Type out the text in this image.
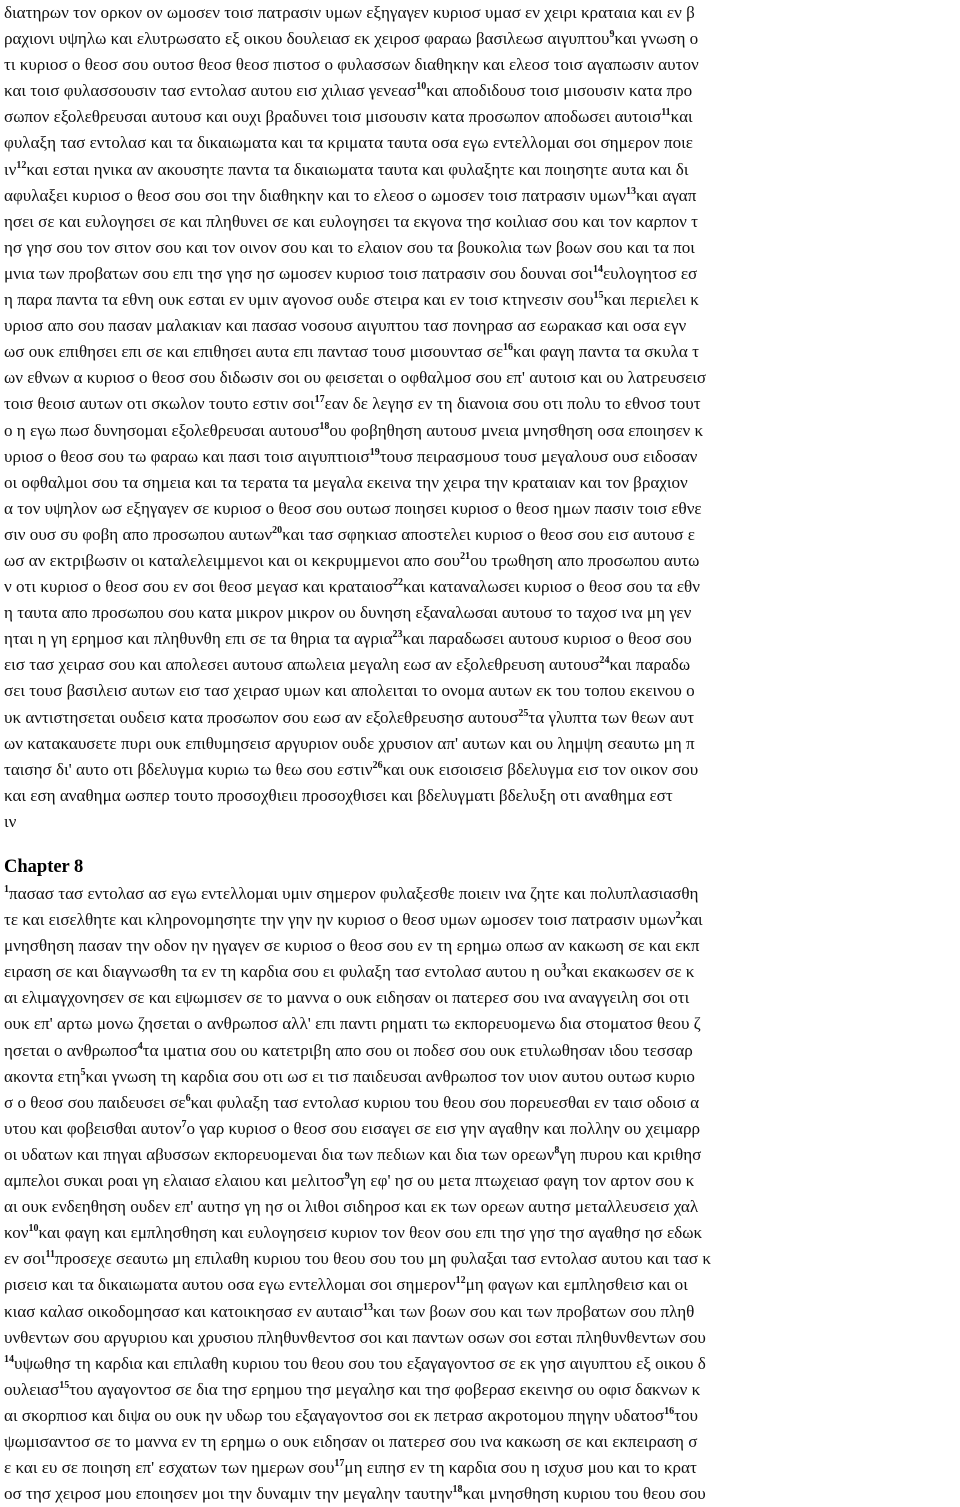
διατηρων τον ορκον ον ωμοσεν τοισ πατρασιν υμων εξηγαγεν κυριοσ υμασ εν χειρι κραταια και εν β
ραχιονι υψηλω και ελυτρωσατο εξ οικου δουλειασ εκ χειροσ φαραω βασιλεωσ αιγυπτου$^9$και γνωση ο
τι κυριοσ ο θεοσ σου ουτοσ θεοσ θεοσ πιστοσ ο φυλασσων διαθηκην και ελεοσ τοισ αγαπωσιν αυτον
και τοισ φυλασσουσιν τασ εντολασ αυτου εισ χιλιασ γενεασ$^{10}$και αποδιδουσ τοισ μισουσιν κατα προ
σωπον εξολεθρευσαι αυτουσ και ουχι βραδυνει τοισ μισουσιν κατα προσωπον αποδωσει αυτοισ$^{11}$και
φυλαξη τασ εντολασ και τα δικαιωματα και τα κριματα ταυτα οσα εγω εντελλομαι σοι σημερον ποιε
$\iota\nu^{12}\kappa\alpha\iota$ εσται ηνικα αν ακουσητε παντα τα δικαιωματα ταυτα και φυλαξητε και ποιησητε αυτα και δι
αφυλαξει κυριοσ ο θεοσ σου σοι την διαθηκην και το ελεοσ ο ωμοσεν τοισ πατρασιν υμων$^{13}$και αγαπ
ησει σε και ευλογησει σε και πληθυνει σε και ευλογησει τα εκγονα τησ κοιλιασ σου και τον καρπον τ
ησ γησ σου τον σιτον σου και τον οινον σου και το ελαιον σου τα βουκολια των βοων σου και τα ποι
μνια των προβατων σου επι τησ γησ ησ ωμοσεν κυριοσ τοισ πατρασιν σου δουναι σοι$^{14}$ευλογητοσ εσ
η παρα παντα τα εθνη ουκ εσται εν υμιν αγονοσ ουδε στειρα και εν τοισ κτηνεσιν σου$^{15}$και περιελει κ
υριοσ απο σου πασαν μαλακιαν και πασασ νοσουσ αιγυπτου τασ πονηρασ ασ εωρακασ και οσα εγν
ωσ ουκ επιθησει επι σε και επιθησει αυτα επι παντασ τουσ μισουντασ $\sigma\varepsilon^{16}\kappa\alpha\iota$ φαγη παντα τα σκυλα τ
ων εθνων α κυριοσ ο θεοσ σου διδωσιν σοι ου φεισεται ο οφθαλμοσ σου επ' αυτοισ και ου λατρευσεισ
τοισ θεοισ αυτων οτι σκωλον τουτο εστιν σοι$^{17}$εαν δε λεγησ εν τη διανοια σου οτι πολυ το εθνοσ τουτ
ο η εγω πωσ δυνησομαι εξολεθρευσαι αυτουσ$^{18}$ου φοβηθηση αυτουσ μνεια μνησθηση οσα εποιησεν κ
υριοσ ο θεοσ σου τω φαραω και πασι τοισ αιγυπτιοισ$^{19}$τουσ πειρασμουσ τουσ μεγαλουσ ουσ ειδοσαν
οι οφθαλμοι σου τα σημεια και τα τερατα τα μεγαλα εκεινα την χειρα την κραταιαν και τον βραχιον
α τον υψηλον ωσ εξηγαγεν σε κυριοσ ο θεοσ σου ουτωσ ποιησει κυριοσ ο θεοσ ημων πασιν τοισ εθνε
σιν ουσ συ φοβη απο προσωπου αυτων$^{20}$και τασ σφηκιασ αποστελει κυριοσ ο θεοσ σου εισ αυτουσ ε
ωσ αν εκτριβωσιν οι καταλελειμμενοι και οι κεκρυμμενοι απο σου$^{21}$ου τρωθηση απο προσωπου αυτω
ν οτι κυριοσ ο θεοσ σου εν σοι θεοσ μεγασ και κραταιοσ$^{22}$και καταναλωσει κυριοσ ο θεοσ σου τα εθν
η ταυτα απο προσωπου σου κατα μικρον μικρον ου δυνηση εξαναλωσαι αυτουσ το ταχοσ ινα μη γεν
ηται η γη ερημοσ και πληθυνθη επι σε τα θηρια τα αγρια$^{23}$και παραδωσει αυτουσ κυριοσ ο θεοσ σου
εισ τασ χειρασ σου και απολεσει αυτουσ απωλεια μεγαλη εωσ αν εξολεθρευση αυτουσ$^{24}$και παραδω
σει τουσ βασιλεισ αυτων εισ τασ χειρασ υμων και απολειται το ονομα αυτων εκ του τοπου εκεινου ο
υκ αντιστησεται ουδεισ κατα προσωπον σου εωσ αν εξολεθρευσησ αυτουσ$^{25}$τα γλυπτα των θεων αυτ
ων κατακαυσετε πυρι ουκ επιθυμησεισ αργυριον ουδε χρυσιον απ' αυτων και ου λημψη σεαυτω μη π
ταισησ δι' αυτο οτι βδελυγμα κυριω τω θεω σου εστιν$^{26}$και ουκ εισοισεισ βδελυγμα εισ τον οικον σου
και εση αναθημα ωσπερ τουτο προσοχθιειι προσοχθισει και βδελυγματι βδελυξη οτι αναθημα εστ
ιν
Chapter 8
$^1$πασασ τασ εντολασ ασ εγω εντελλομαι υμιν σημερον φυλαξεσθε ποιειν ινα ζητε και πολυπλασιασθη
τε και εισελθητε και κληρονομησητε την γην ην κυριοσ ο θεοσ υμων ωμοσεν τοισ πατρασιν υμων$^2$και
μνησθηση πασαν την οδον ην ηγαγεν σε κυριοσ ο θεοσ σου εν τη ερημω οπωσ αν κακωση σε και εκπ
ειραση σε και διαγνωσθη τα εν τη καρδια σου ει φυλαξη τασ εντολασ αυτου η $o\upsilon^3\kappa\alpha\iota$ εκακωσεν σε κ
αι ελιμαγχονησεν σε και εψωμισεν σε το μαννα ο ουκ ειδησαν οι πατερεσ σου ινα αναγγειλη σοι οτι
ουκ επ' αρτω μονω ζησεται ο ανθρωποσ αλλ' επι παντι ρηματι τω εκπορευομενω δια στοματοσ θεου ζ
ησεται ο ανθρωποσ$^4$τα ιματια σου ου κατετριβη απο σου οι ποδεσ σου ουκ ετυλωθησαν ιδου τεσσαρ
ακοντα ετη$^5$και γνωση τη καρδια σου οτι ωσ ει τισ παιδευσαι ανθρωποσ τον υιον αυτου ουτωσ κυριο
σ ο θεοσ σου παιδευσει $\sigma\varepsilon^6\kappa\alpha\iota$ φυλαξη τασ εντολασ κυριου του θεου σου πορευεσθαι εν ταισ οδοισ α
υτου και φοβεισθαι αυτον$^7$ο γαρ κυριοσ ο θεοσ σου εισαγει σε εισ γην αγαθην και πολλην ου χειμαρρ
οι υδατων και πηγαι αβυσσων εκπορευομεναι δια των πεδιων και δια των ορεων$^8$γη πυρου και κριθησ
αμπελοι συκαι ροαι γη ελαιασ ελαιου και μελιτοσ$^9$γη εφ' ησ ου μετα πτωχειασ φαγη τον αρτον σου κ
αι ουκ ενδεηθηση ουδεν επ' αυτησ γη ησ οι λιθοι σιδηροσ και εκ των ορεων αυτησ μεταλλευσεισ χαλ
κον$^{10}$και φαγη και εμπλησθηση και ευλογησεισ κυριον τον θεον σου επι τησ γησ τησ αγαθησ ησ εδωκ
εν σοι$^{11}$προσεχε σεαυτω μη επιλαθη κυριου του θεου σου του μη φυλαξαι τασ εντολασ αυτου και τασ κ
ρισεισ και τα δικαιωματα αυτου οσα εγω εντελλομαι σοι σημερον$^{12}$μη φαγων και εμπλησθεισ και οι
κιασ καλασ οικοδομησασ και κατοικησασ εν αυταισ$^{13}$και των βοων σου και των προβατων σου πληθ
υνθεντων σου αργυριου και χρυσιου πληθυνθεντοσ σοι και παντων οσων σοι εσται πληθυνθεντων σου
$^{14}$υψωθησ τη καρδια και επιλαθη κυριου του θεου σου του εξαγαγοντοσ σε εκ γησ αιγυπτου εξ οικου δ
ουλειασ$^{15}$του αγαγοντοσ σε δια τησ ερημου τησ μεγαλησ και τησ φοβερασ εκεινησ ου οφισ δακνων κ
αι σκορπιοσ και διψα ου ουκ ην υδωρ του εξαγαγοντοσ σοι εκ πετρασ ακροτομου πηγην υδατοσ$^{16}$του
ψωμισαντοσ σε το μαννα εν τη ερημω ο ουκ ειδησαν οι πατερεσ σου ινα κακωση σε και εκπειραση σ
ε και ευ σε ποιηση επ' εσχατων των ημερων σου$^{17}$μη ειπησ εν τη καρδια σου η ισχυσ μου και το κρατ
οσ τησ χειροσ μου εποιησεν μοι την δυναμιν την μεγαλην ταυτην$^{18}$και μνησθηση κυριου του θεου σου
